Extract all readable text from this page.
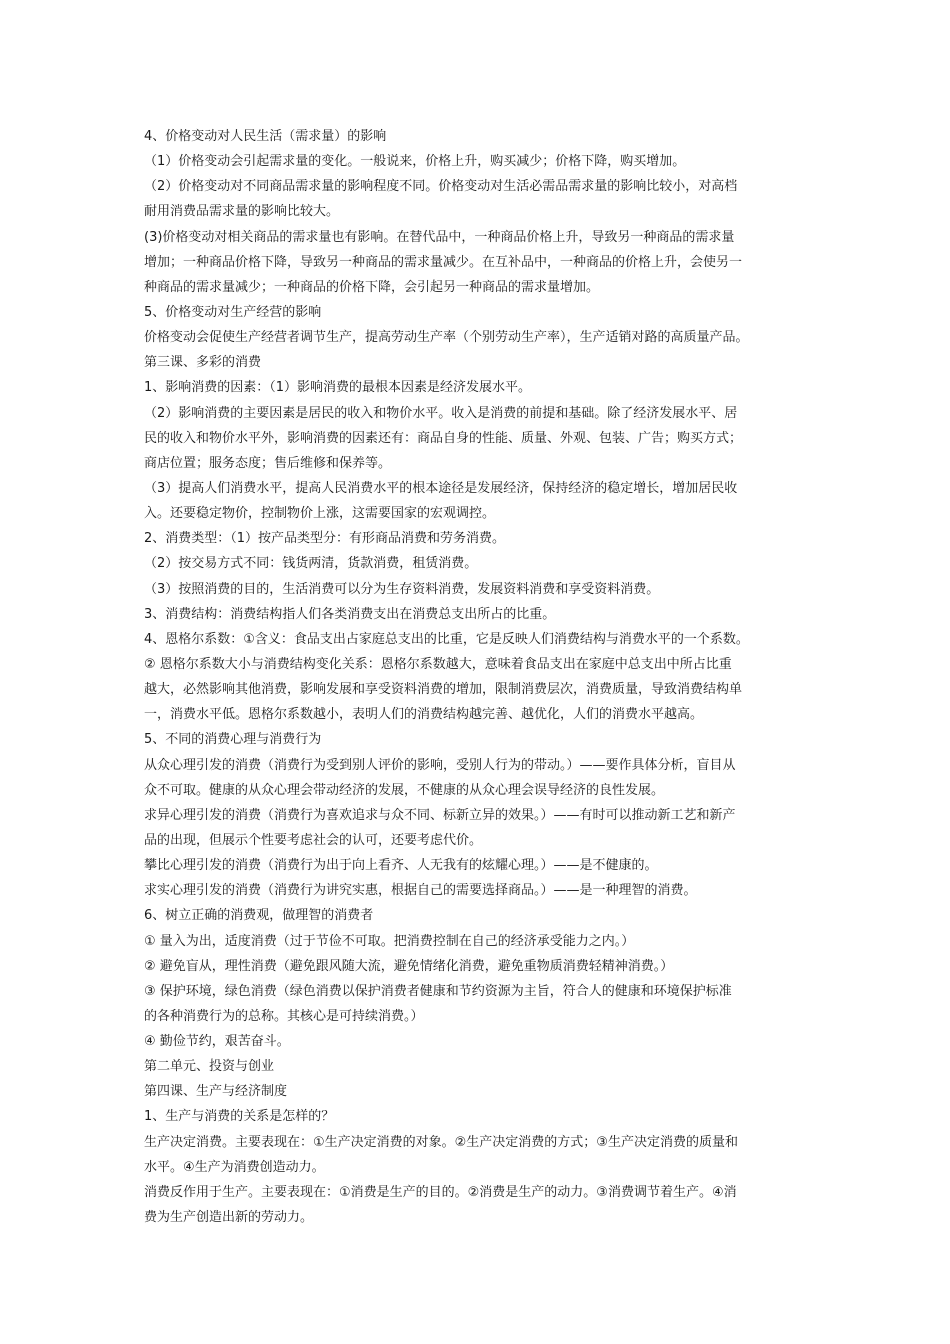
4、价格变动对人民生活（需求量）的影响
（1）价格变动会引起需求量的变化。一般说来，价格上升，购买减少；价格下降，购买增加。
（2）价格变动对不同商品需求量的影响程度不同。价格变动对生活必需品需求量的影响比较小，对高档
耐用消费品需求量的影响比较大。
(3)价格变动对相关商品的需求量也有影响。在替代品中，一种商品价格上升，导致另一种商品的需求量
增加；一种商品价格下降，导致另一种商品的需求量减少。在互补品中，一种商品的价格上升，会使另一
种商品的需求量减少；一种商品的价格下降，会引起另一种商品的需求量增加。
5、价格变动对生产经营的影响
价格变动会促使生产经营者调节生产，提高劳动生产率（个别劳动生产率），生产适销对路的高质量产品。
第三课、多彩的消费
1、影响消费的因素：（1）影响消费的最根本因素是经济发展水平。
（2）影响消费的主要因素是居民的收入和物价水平。收入是消费的前提和基础。除了经济发展水平、居
民的收入和物价水平外，影响消费的因素还有：商品自身的性能、质量、外观、包装、广告；购买方式；
商店位置；服务态度；售后维修和保养等。
（3）提高人们消费水平，提高人民消费水平的根本途径是发展经济，保持经济的稳定增长，增加居民收
入。还要稳定物价，控制物价上涨，这需要国家的宏观调控。
2、消费类型：（1）按产品类型分：有形商品消费和劳务消费。
（2）按交易方式不同：钱货两清，货款消费，租赁消费。
（3）按照消费的目的，生活消费可以分为生存资料消费，发展资料消费和享受资料消费。
3、消费结构：消费结构指人们各类消费支出在消费总支出所占的比重。
4、恩格尔系数：①含义：食品支出占家庭总支出的比重，它是反映人们消费结构与消费水平的一个系数。
② 恩格尔系数大小与消费结构变化关系：恩格尔系数越大，意味着食品支出在家庭中总支出中所占比重
越大，必然影响其他消费，影响发展和享受资料消费的增加，限制消费层次，消费质量，导致消费结构单
一，消费水平低。恩格尔系数越小，表明人们的消费结构越完善、越优化，人们的消费水平越高。
5、不同的消费心理与消费行为
从众心理引发的消费（消费行为受到别人评价的影响，受别人行为的带动。）——要作具体分析，盲目从
众不可取。健康的从众心理会带动经济的发展，不健康的从众心理会误导经济的良性发展。
求异心理引发的消费（消费行为喜欢追求与众不同、标新立异的效果。）——有时可以推动新工艺和新产
品的出现，但展示个性要考虑社会的认可，还要考虑代价。
攀比心理引发的消费（消费行为出于向上看齐、人无我有的炫耀心理。）——是不健康的。
求实心理引发的消费（消费行为讲究实惠，根据自己的需要选择商品。）——是一种理智的消费。
6、树立正确的消费观，做理智的消费者
① 量入为出，适度消费（过于节俭不可取。把消费控制在自己的经济承受能力之内。）
② 避免盲从，理性消费（避免跟风随大流，避免情绪化消费，避免重物质消费轻精神消费。）
③ 保护环境，绿色消费（绿色消费以保护消费者健康和节约资源为主旨，符合人的健康和环境保护标准
的各种消费行为的总称。其核心是可持续消费。）
④ 勤俭节约，艰苦奋斗。
第二单元、投资与创业
第四课、生产与经济制度
1、生产与消费的关系是怎样的？
生产决定消费。主要表现在：①生产决定消费的对象。②生产决定消费的方式；③生产决定消费的质量和
水平。④生产为消费创造动力。
消费反作用于生产。主要表现在：①消费是生产的目的。②消费是生产的动力。③消费调节着生产。④消
费为生产创造出新的劳动力。
